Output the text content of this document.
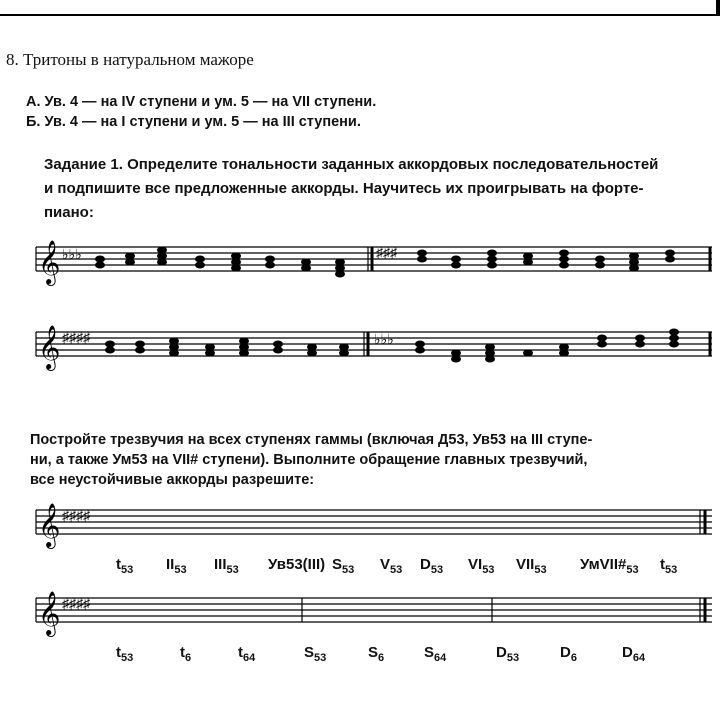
8. Тритоны в натуральном мажоре
А. Ув. 4 — на IV ступени и ум. 5 — на VII ступени.
Б. Ув. 4 — на I ступени и ум. 5 — на III ступени.
Задание 1. Определите тональности заданных аккордовых последовательностей
и подпишите все предложенные аккорды. Научитесь их проигрывать на форте-
пиано:
𝄞 ♭♭♭	♯♯♯
𝄞 ♯♯♯♯	♭♭♭
Постройте трезвучия на всех ступенях гаммы (включая Д53, Ув53 на III ступе-
ни, а также Ум53 на VII# ступени). Выполните обращение главных трезвучий,
все неустойчивые аккорды разрешите:
𝄞 ♯♯♯♯
$t_{53}$ $II_{53}$ $III_{53}$ Ув53(III) $S_{53}$ $V_{53}$ $D_{53}$ $VI_{53}$ $VII_{53}$ $УмVII\#_{53}$ $t_{53}$
𝄞 ♯♯♯♯
$t_{53}$	$t_6$	$t_{64}$	$S_{53}$	$S_6$	$S_{64}$	$D_{53}$	$D_6$	$D_{64}$
